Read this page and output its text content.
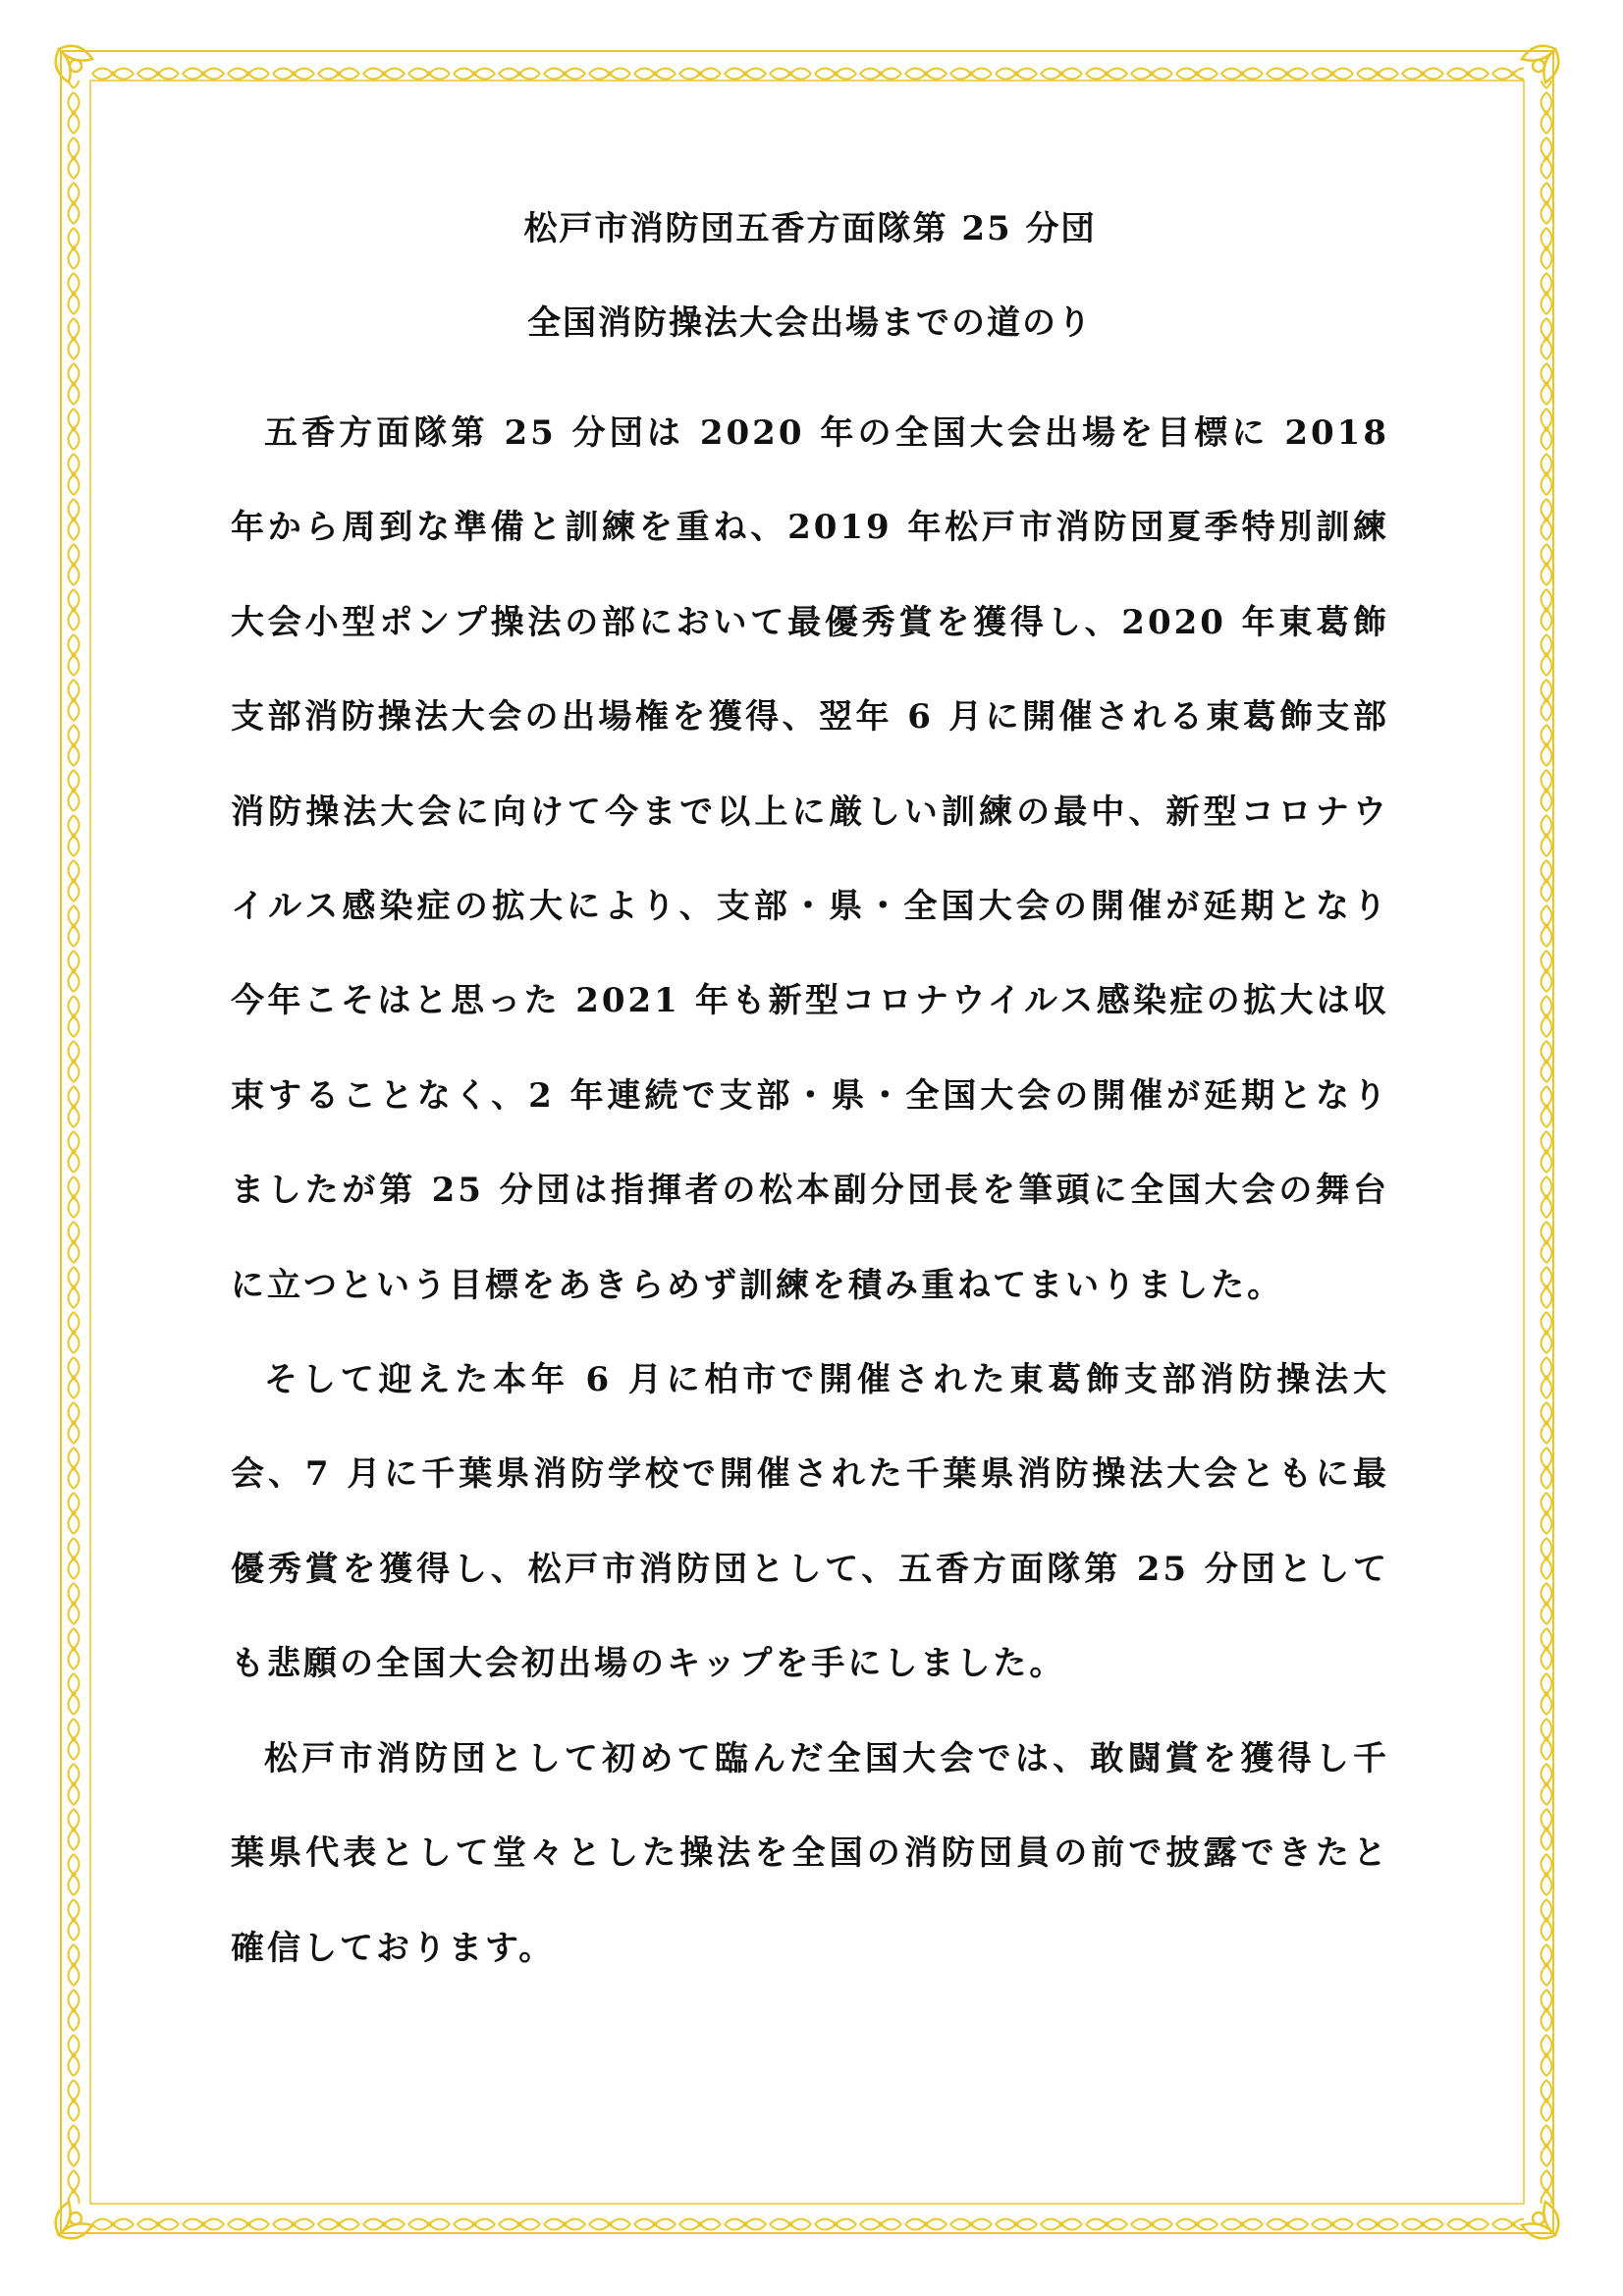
松戸市消防団五香方面隊第 25 分団
全国消防操法大会出場までの道のり

五香方面隊第 25 分団は 2020 年の全国大会出場を目標に 2018 年から周到な準備と訓練を重ね、2019 年松戸市消防団夏季特別訓練大会小型ポンプ操法の部において最優秀賞を獲得し、2020 年東葛飾支部消防操法大会の出場権を獲得、翌年 6 月に開催される東葛飾支部消防操法大会に向けて今まで以上に厳しい訓練の最中、新型コロナウイルス感染症の拡大により、支部・県・全国大会の開催が延期となり今年こそはと思った 2021 年も新型コロナウイルス感染症の拡大は収束することなく、2 年連続で支部・県・全国大会の開催が延期となりましたが第 25 分団は指揮者の松本副分団長を筆頭に全国大会の舞台に立つという目標をあきらめず訓練を積み重ねてまいりました。

そして迎えた本年 6 月に柏市で開催された東葛飾支部消防操法大会、7 月に千葉県消防学校で開催された千葉県消防操法大会ともに最優秀賞を獲得し、松戸市消防団として、五香方面隊第 25 分団としても悲願の全国大会初出場のキップを手にしました。

松戸市消防団として初めて臨んだ全国大会では、敢闘賞を獲得し千葉県代表として堂々とした操法を全国の消防団員の前で披露できたと確信しております。
